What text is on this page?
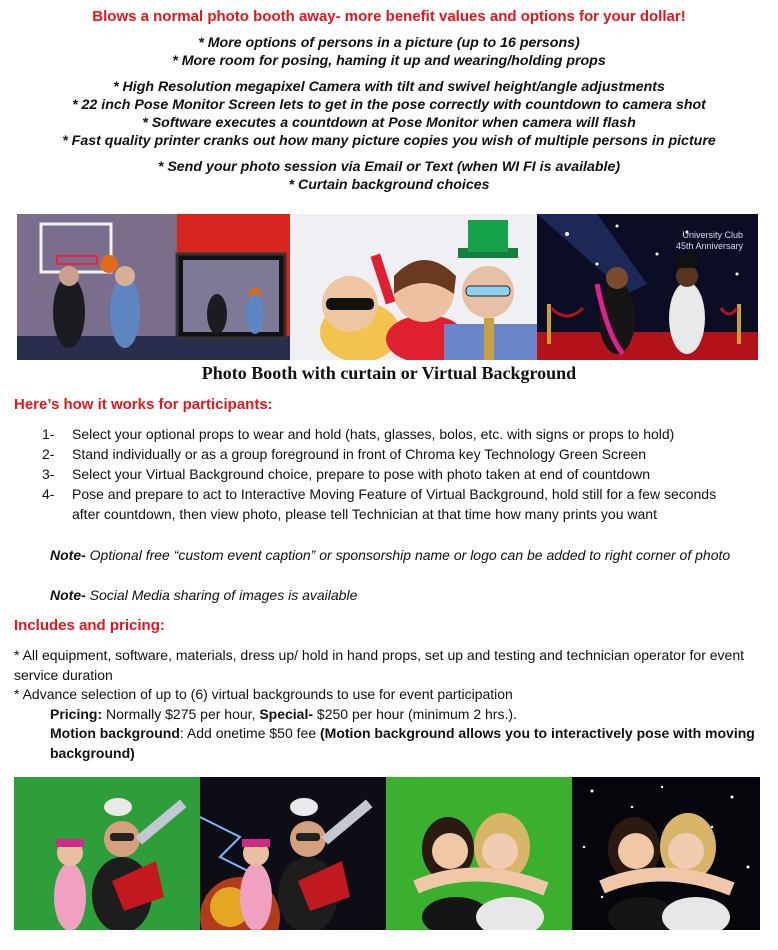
Blows a normal photo booth away- more benefit values and options for your dollar!
* More options of persons in a picture (up to 16 persons)
* More room for posing, haming it up and wearing/holding props
* High Resolution megapixel Camera with tilt and swivel height/angle adjustments
* 22 inch Pose Monitor Screen lets to get in the pose correctly with countdown to camera shot
* Software executes a countdown at Pose Monitor when camera will flash
* Fast quality printer cranks out how many picture copies you wish of multiple persons in picture
* Send your photo session via Email or Text (when WI FI is available)
* Curtain background choices
University Club
45th Anniversary
Photo Booth with curtain or Virtual Background
Here’s how it works for participants:
1-	Select your optional props to wear and hold (hats, glasses, bolos, etc. with signs or props to hold)
2-	Stand individually or as a group foreground in front of Chroma key Technology Green Screen
3-	Select your Virtual Background choice, prepare to pose with photo taken at end of countdown
4-	Pose and prepare to act to Interactive Moving Feature of Virtual Background, hold still for a few seconds after countdown, then view photo, please tell Technician at that time how many prints you want
Note- Optional free “custom event caption” or sponsorship name or logo can be added to right corner of photo
Note- Social Media sharing of images is available
Includes and pricing:
* All equipment, software, materials, dress up/ hold in hand props, set up and testing and technician operator for event service duration
* Advance selection of up to (6) virtual backgrounds to use for event participation
Pricing: Normally $275 per hour, Special- $250 per hour (minimum 2 hrs.).
Motion background: Add onetime $50 fee (Motion background allows you to interactively pose with moving background)
